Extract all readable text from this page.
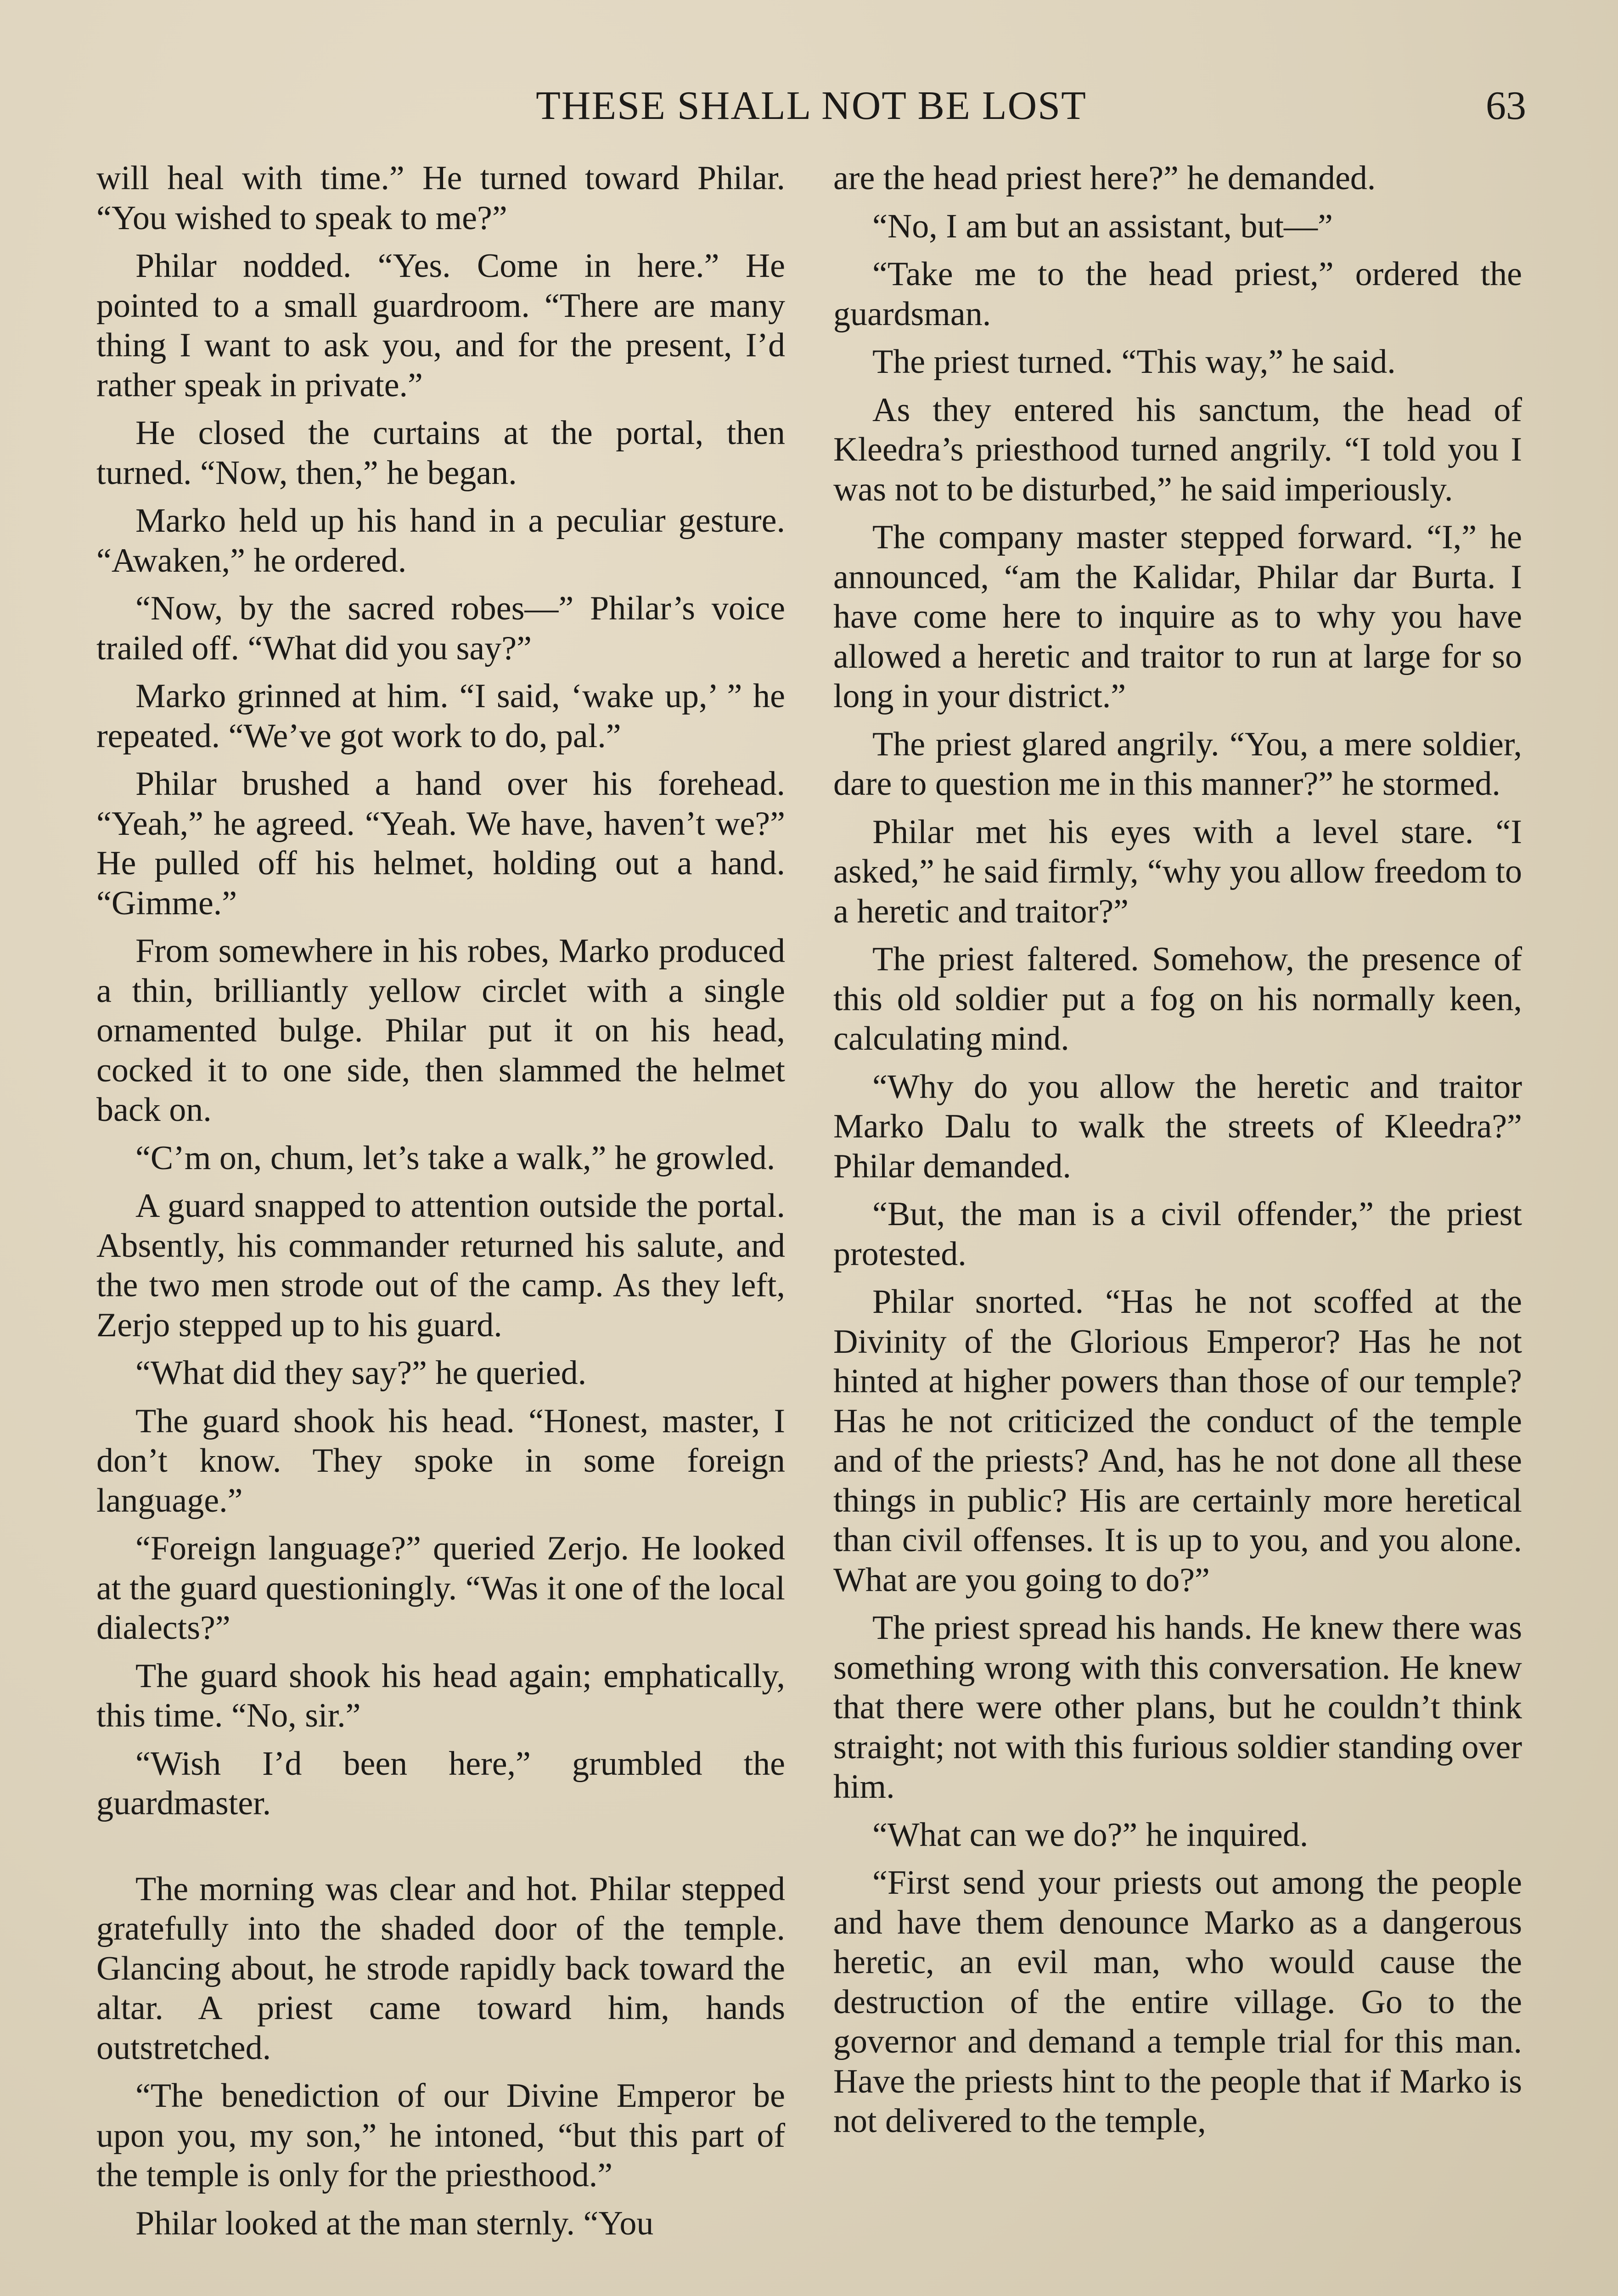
THESE SHALL NOT BE LOST	63

will heal with time.” He turned toward Philar. “You wished to speak to me?”

Philar nodded. “Yes. Come in here.” He pointed to a small guardroom. “There are many thing I want to ask you, and for the present, I’d rather speak in private.”

He closed the curtains at the portal, then turned. “Now, then,” he began.

Marko held up his hand in a peculiar gesture. “Awaken,” he ordered.

“Now, by the sacred robes—” Philar’s voice trailed off. “What did you say?”

Marko grinned at him. “I said, ‘wake up,’ ” he repeated. “We’ve got work to do, pal.”

Philar brushed a hand over his forehead. “Yeah,” he agreed. “Yeah. We have, haven’t we?” He pulled off his helmet, holding out a hand. “Gimme.”

From somewhere in his robes, Marko produced a thin, brilliantly yellow circlet with a single ornamented bulge. Philar put it on his head, cocked it to one side, then slammed the helmet back on.

“C’m on, chum, let’s take a walk,” he growled.

A guard snapped to attention outside the portal. Absently, his commander returned his salute, and the two men strode out of the camp. As they left, Zerjo stepped up to his guard.

“What did they say?” he queried.

The guard shook his head. “Honest, master, I don’t know. They spoke in some foreign language.”

“Foreign language?” queried Zerjo. He looked at the guard questioningly. “Was it one of the local dialects?”

The guard shook his head again; emphatically, this time. “No, sir.”

“Wish I’d been here,” grumbled the guardmaster.

The morning was clear and hot. Philar stepped gratefully into the shaded door of the temple. Glancing about, he strode rapidly back toward the altar. A priest came toward him, hands outstretched.

“The benediction of our Divine Emperor be upon you, my son,” he intoned, “but this part of the temple is only for the priesthood.”

Philar looked at the man sternly. “You

are the head priest here?” he demanded.

“No, I am but an assistant, but—”

“Take me to the head priest,” ordered the guardsman.

The priest turned. “This way,” he said.

As they entered his sanctum, the head of Kleedra’s priesthood turned angrily. “I told you I was not to be disturbed,” he said imperiously.

The company master stepped forward. “I,” he announced, “am the Kalidar, Philar dar Burta. I have come here to inquire as to why you have allowed a heretic and traitor to run at large for so long in your district.”

The priest glared angrily. “You, a mere soldier, dare to question me in this manner?” he stormed.

Philar met his eyes with a level stare. “I asked,” he said firmly, “why you allow freedom to a heretic and traitor?”

The priest faltered. Somehow, the presence of this old soldier put a fog on his normally keen, calculating mind.

“Why do you allow the heretic and traitor Marko Dalu to walk the streets of Kleedra?” Philar demanded.

“But, the man is a civil offender,” the priest protested.

Philar snorted. “Has he not scoffed at the Divinity of the Glorious Emperor? Has he not hinted at higher powers than those of our temple? Has he not criticized the conduct of the temple and of the priests? And, has he not done all these things in public? His are certainly more heretical than civil offenses. It is up to you, and you alone. What are you going to do?”

The priest spread his hands. He knew there was something wrong with this conversation. He knew that there were other plans, but he couldn’t think straight; not with this furious soldier standing over him.

“What can we do?” he inquired.

“First send your priests out among the people and have them denounce Marko as a dangerous heretic, an evil man, who would cause the destruction of the entire village. Go to the governor and demand a temple trial for this man. Have the priests hint to the people that if Marko is not delivered to the temple,
